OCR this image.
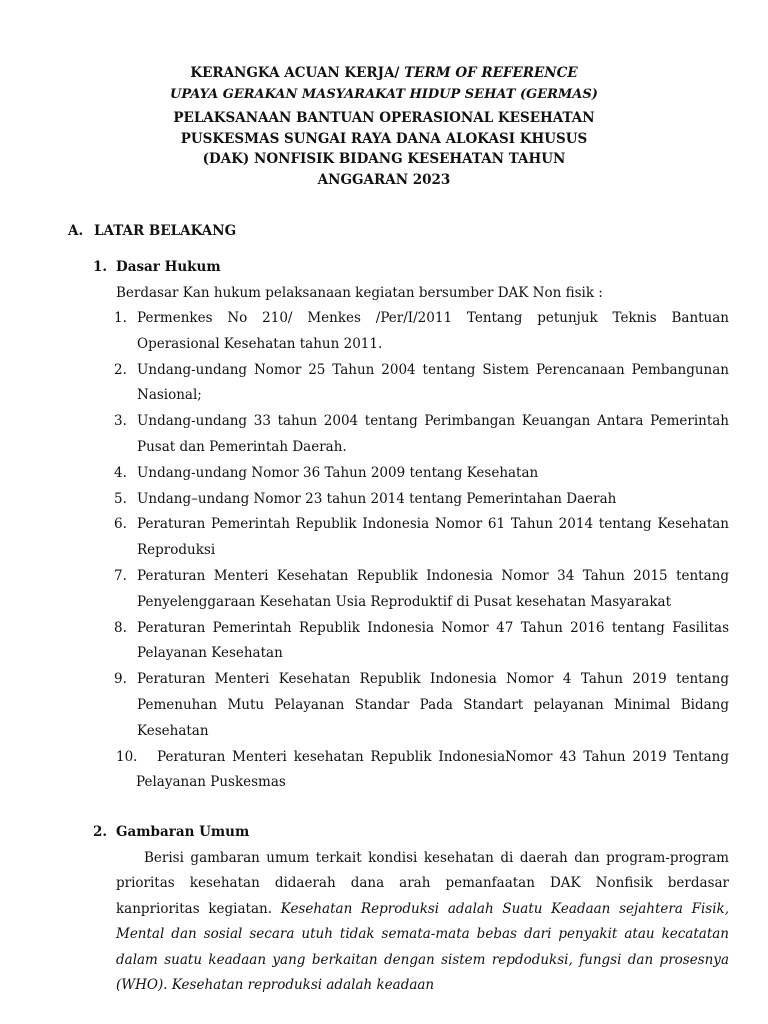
KERANGKA ACUAN KERJA/ TERM OF REFERENCE
UPAYA GERAKAN MASYARAKAT HIDUP SEHAT (GERMAS)
PELAKSANAAN BANTUAN OPERASIONAL KESEHATAN
PUSKESMAS SUNGAI RAYA DANA ALOKASI KHUSUS
(DAK) NONFISIK BIDANG KESEHATAN TAHUN
ANGGARAN 2023
A. LATAR BELAKANG
1. Dasar Hukum
Berdasar Kan hukum pelaksanaan kegiatan bersumber DAK Non fisik :
1. Permenkes No 210/ Menkes /Per/I/2011 Tentang petunjuk Teknis Bantuan Operasional Kesehatan tahun 2011.
2. Undang-undang Nomor 25 Tahun 2004 tentang Sistem Perencanaan Pembangunan Nasional;
3. Undang-undang 33 tahun 2004 tentang Perimbangan Keuangan Antara Pemerintah Pusat dan Pemerintah Daerah.
4. Undang-undang Nomor 36 Tahun 2009 tentang Kesehatan
5. Undang–undang Nomor 23 tahun 2014 tentang Pemerintahan Daerah
6. Peraturan Pemerintah Republik Indonesia Nomor 61 Tahun 2014 tentang Kesehatan Reproduksi
7. Peraturan Menteri Kesehatan Republik Indonesia Nomor 34 Tahun 2015 tentang Penyelenggaraan Kesehatan Usia Reproduktif di Pusat kesehatan Masyarakat
8. Peraturan Pemerintah Republik Indonesia Nomor 47 Tahun 2016 tentang Fasilitas Pelayanan Kesehatan
9. Peraturan Menteri Kesehatan Republik Indonesia Nomor 4 Tahun 2019 tentang Pemenuhan Mutu Pelayanan Standar Pada Standart pelayanan Minimal Bidang Kesehatan
10.	Peraturan Menteri kesehatan Republik IndonesiaNomor 43 Tahun 2019 Tentang Pelayanan Puskesmas
2. Gambaran Umum
Berisi gambaran umum terkait kondisi kesehatan di daerah dan program-program prioritas kesehatan didaerah dana arah pemanfaatan DAK Nonfisik berdasar kanprioritas kegiatan. Kesehatan Reproduksi adalah Suatu Keadaan sejahtera Fisik, Mental dan sosial secara utuh tidak semata-mata bebas dari penyakit atau kecatatan dalam suatu keadaan yang berkaitan dengan sistem repdoduksi, fungsi dan prosesnya (WHO). Kesehatan reproduksi adalah keadaan
